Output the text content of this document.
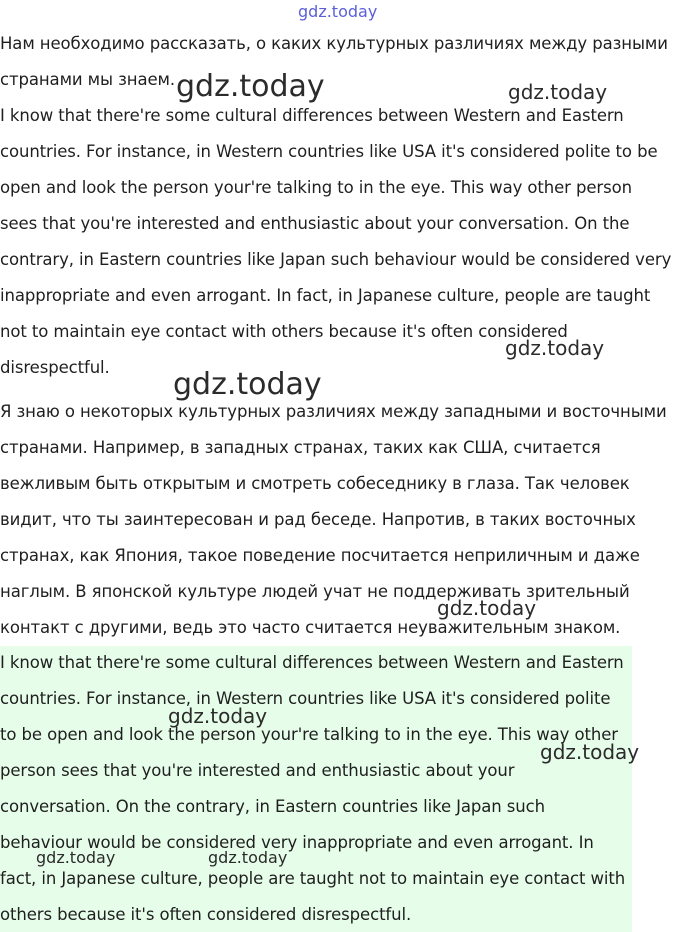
Нам необходимо рассказать, о каких культурных различиях между разными странами мы знаем.

I know that there're some cultural differences between Western and Eastern countries. For instance, in Western countries like USA it's considered polite to be open and look the person your're talking to in the eye. This way other person sees that you're interested and enthusiastic about your conversation. On the contrary, in Eastern countries like Japan such behaviour would be considered very inappropriate and even arrogant. In fact, in Japanese culture, people are taught not to maintain eye contact with others because it's often considered disrespectful.

Я знаю о некоторых культурных различиях между западными и восточными странами. Например, в западных странах, таких как США, считается вежливым быть открытым и смотреть собеседнику в глаза. Так человек видит, что ты заинтересован и рад беседе. Напротив, в таких восточных странах, как Япония, такое поведение посчитается неприличным и даже наглым. В японской культуре людей учат не поддерживать зрительный контакт с другими, ведь это часто считается неуважительным знаком.

I know that there're some cultural differences between Western and Eastern countries. For instance, in Western countries like USA it's considered polite to be open and look the person your're talking to in the eye. This way other person sees that you're interested and enthusiastic about your conversation. On the contrary, in Eastern countries like Japan such behaviour would be considered very inappropriate and even arrogant. In fact, in Japanese culture, people are taught not to maintain eye contact with others because it's often considered disrespectful.

gdz.today
gdz.today	gdz.today
gdz.today
gdz.today
gdz.today
gdz.today
gdz.today
gdz.today	gdz.today
